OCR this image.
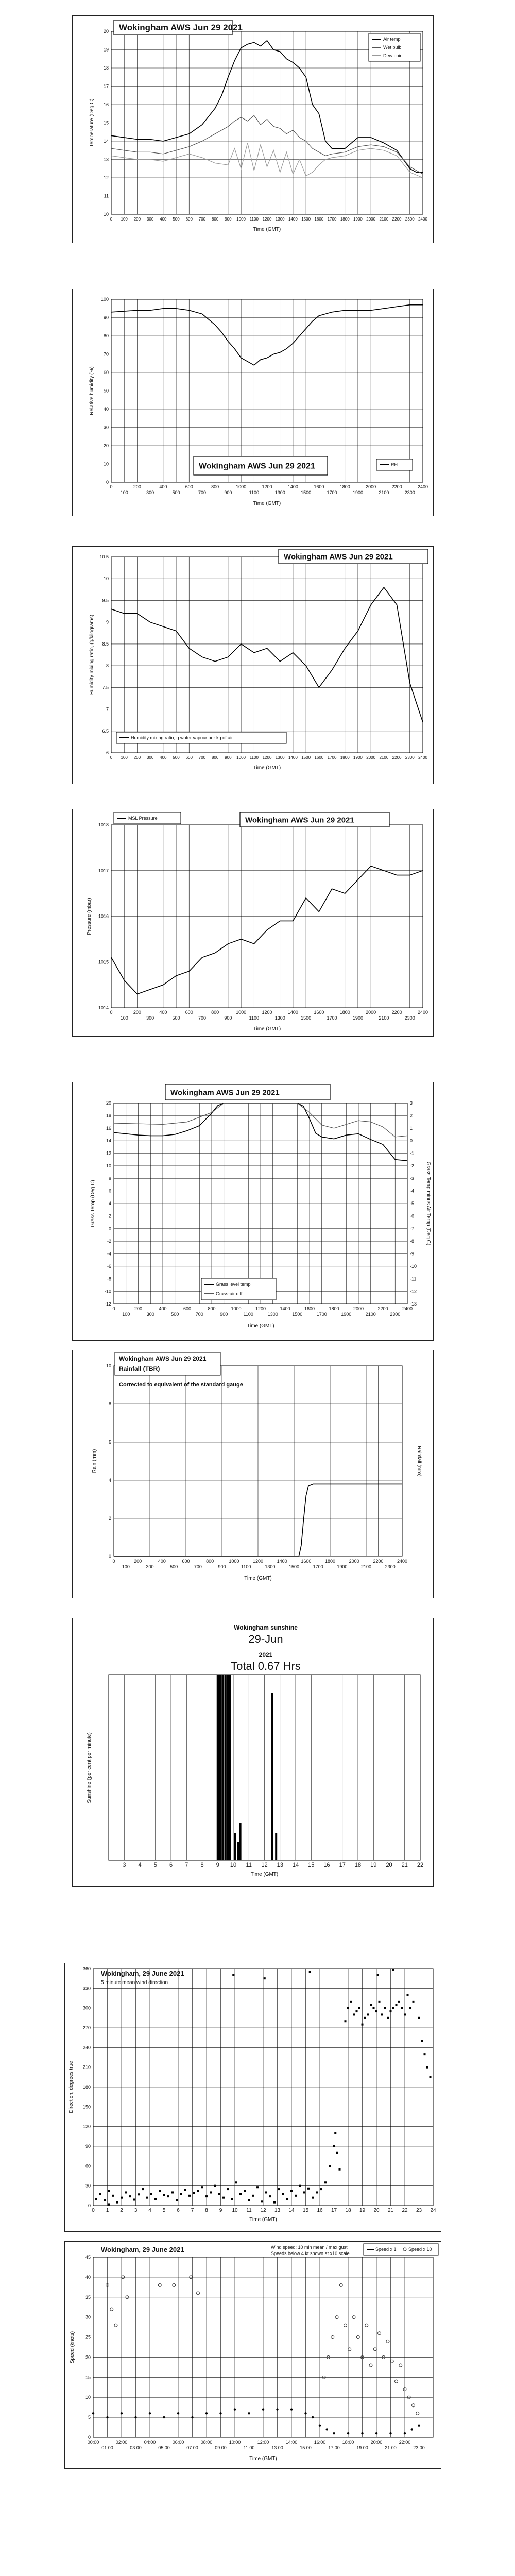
10
11
12
13
14
15
16
17
18
19
20
0 100 200 300 400 500 600 700 800 900 1000 1100 1200 1300 1400 1500 1600 1700 1800 1900 2000 2100 2200 2300 2400
Time (GMT)
Temperature (Deg C)
Wokingham AWS Jun 29 2021
Air temp
Wet bulb
Dew point
0
10
20
30
40
50
60
70
80
90
100
0	200	400	600	800	1000	1200	1400	1600	1800	2000	2200	2400
100	300	500	700	900	1100	1300	1500	1700	1900	2100	2300
Time (GMT)
Relative humidity (%)
Wokingham AWS Jun 29 2021	RH
6
6.5
7
7.5
8
8.5
9
9.5
10
10.5
0 100 200 300 400 500 600 700 800 900 1000 1100 1200 1300 1400 1500 1600 1700 1800 1900 2000 2100 2200 2300 2400
Time (GMT)
Humidity mixing ratio, (g/kilograms)
Wokingham AWS Jun 29 2021
Humidity mixing ratio, g water vapour per kg of air
1014
1015
1016
1017
1018
0	200	400	600	800	1000	1200	1400	1600	1800	2000	2200	2400
100	300	500	700	900	1100	1300	1500	1700	1900	2100	2300
Time (GMT)
Pressure (mbar)
Wokingham AWS Jun 29 2021
MSL Pressure
-12
-10
-8
-6
-4
-2
0
2
4
6
8
10
12
14
16
18
20
-13
-12
-11
-10
-9
-8
-7
-6
-5
-4
-3
-2
-1
0
1
2
3
0	200	400	600	800	1000	1200	1400	1600	1800	2000	2200	2400
100	300	500	700	900	1100	1300	1500	1700	1900	2100	2300
Time (GMT)
Grass Temp (Deg C)	Grass Temp minus Air Temp (Deg C)
Wokingham AWS Jun 29 2021
Grass level temp
Grass-air diff
0
2
4
6
8
10
0	200	400	600	800	1000	1200	1400	1600	1800	2000	2200	2400
100	300	500	700	900	1100	1300	1500	1700	1900	2100	2300
Time (GMT)
Rain (mm)	Rainfall (mm)
Wokingham AWS Jun 29 2021
Rainfall (TBR)
Corrected to equivalent of the standard gauge
3 4 5 6 7 8 9 10 11 12 13 14 15 16 17 18 19 20 21 22
Time (GMT)
Sunshine (per cent per minute)
Wokingham sunshine
29-Jun
2021
Total 0.67 Hrs
0
30
60
90
120
150
180
210
240
270
300
330
360
0 1 2 3 4 5 6 7 8 9 10 11 12 13 14 15 16 17 18 19 20 21 22 23 24
Time (GMT)
Direction, degrees true
Wokingham, 29 June 2021
5 minute mean wind direction
0
5
10
15
20
25
30
35
40
45
00:00	02:00	04:00	06:00	08:00	10:00	12:00	14:00	16:00	18:00	20:00	22:00
01:00	03:00	05:00	07:00	09:00	11:00	13:00	15:00	17:00	19:00	21:00	23:00
Time (GMT)
Speed (knots)
Wokingham, 29 June 2021	Wind speed: 10 min mean / max gust
Speeds below 4 kt shown at x10 scale
Speed x 1	Speed x 10
